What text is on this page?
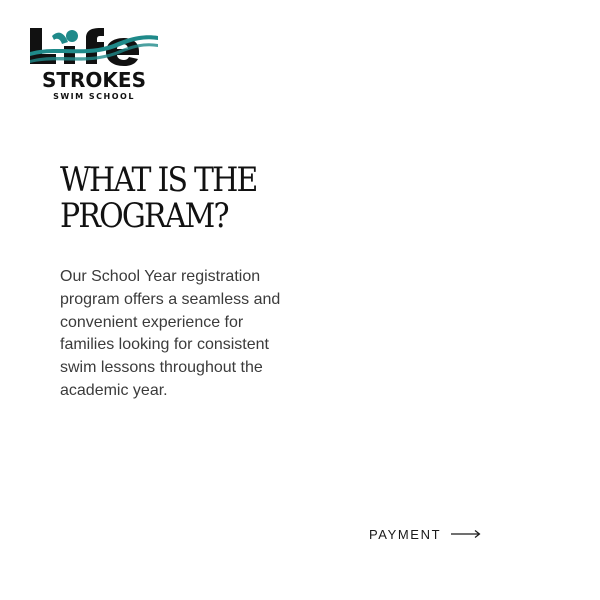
STROKES
SWIM SCHOOL
WHAT IS THE
PROGRAM?

Our School Year registration program offers a seamless and convenient experience for families looking for consistent swim lessons throughout the academic year.

PAYMENT
